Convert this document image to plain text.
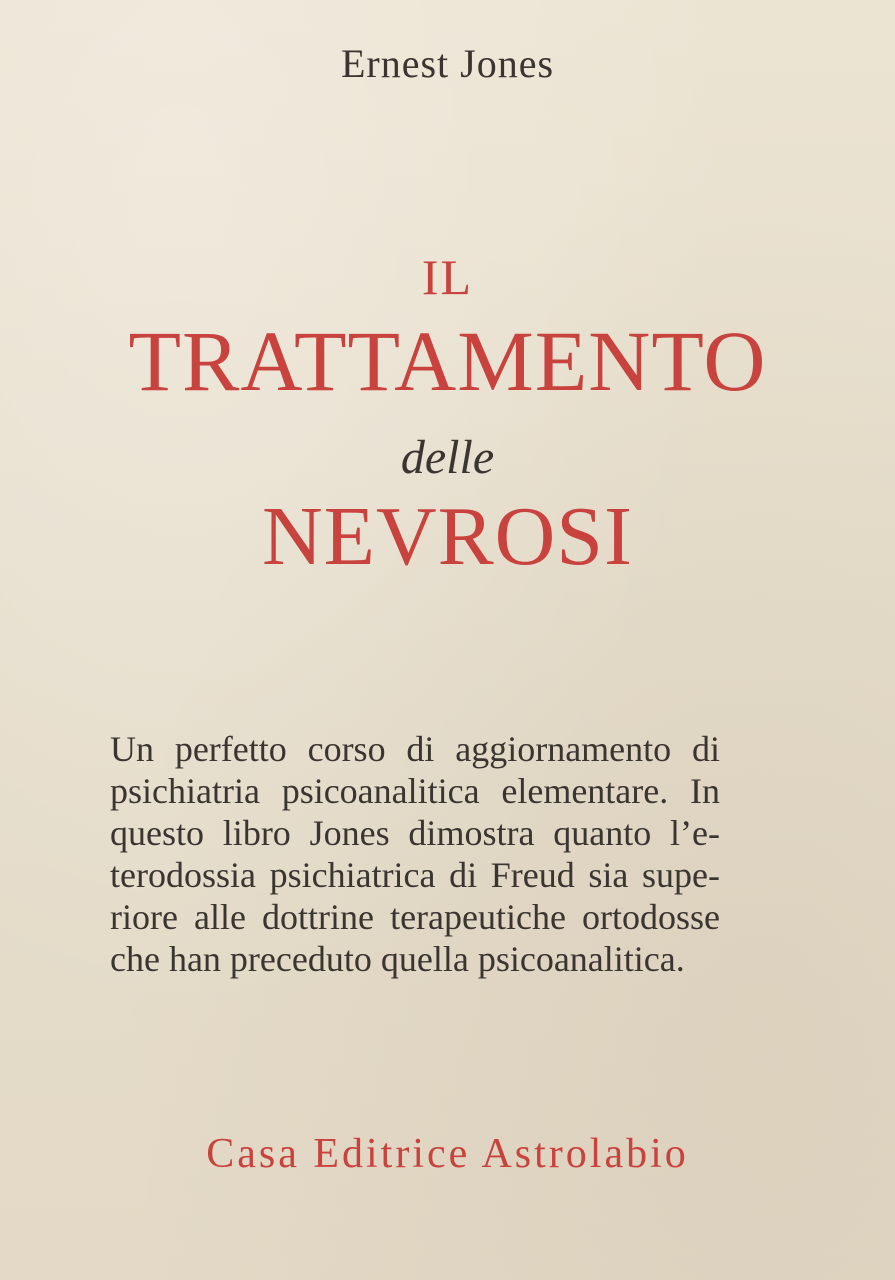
Ernest Jones
IL
TRATTAMENTO
delle
NEVROSI
Un perfetto corso di aggiornamento di
psichiatria psicoanalitica elementare. In
questo libro Jones dimostra quanto l’e-
terodossia psichiatrica di Freud sia supe-
riore alle dottrine terapeutiche ortodosse
che han preceduto quella psicoanalitica.
Casa Editrice Astrolabio
